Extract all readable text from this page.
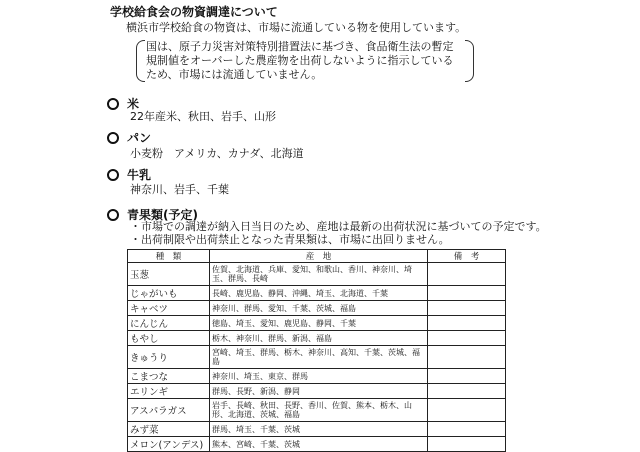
学校給食会の物資調達について
横浜市学校給食の物資は、市場に流通している物を使用しています。
国は、原子力災害対策特別措置法に基づき、食品衛生法の暫定規制値をオーバーした農産物を出荷しないように指示しているため、市場には流通していません。
米
22年産米、秋田、岩手、山形
パン
小麦粉　アメリカ、カナダ、北海道
牛乳
神奈川、岩手、千葉
青果類(予定)
・市場での調達が納入日当日のため、産地は最新の出荷状況に基づいての予定です。
・出荷制限や出荷禁止となった青果類は、市場に出回りません。
種　類	産　地	備　考
玉葱	佐賀、北海道、兵庫、愛知、和歌山、香川、神奈川、埼玉、群馬、長崎	
じゃがいも	長崎、鹿児島、静岡、沖縄、埼玉、北海道、千葉	
キャベツ	神奈川、群馬、愛知、千葉、茨城、福島	
にんじん	徳島、埼玉、愛知、鹿児島、静岡、千葉	
もやし	栃木、神奈川、群馬、新潟、福島	
きゅうり	宮崎、埼玉、群馬、栃木、神奈川、高知、千葉、茨城、福島	
こまつな	神奈川、埼玉、東京、群馬	
エリンギ	群馬、長野、新潟、静岡	
アスパラガス	岩手、長崎、秋田、長野、香川、佐賀、熊本、栃木、山形、北海道、茨城、福島	
みず菜	群馬、埼玉、千葉、茨城	
メロン(アンデス)	熊本、宮崎、千葉、茨城	
